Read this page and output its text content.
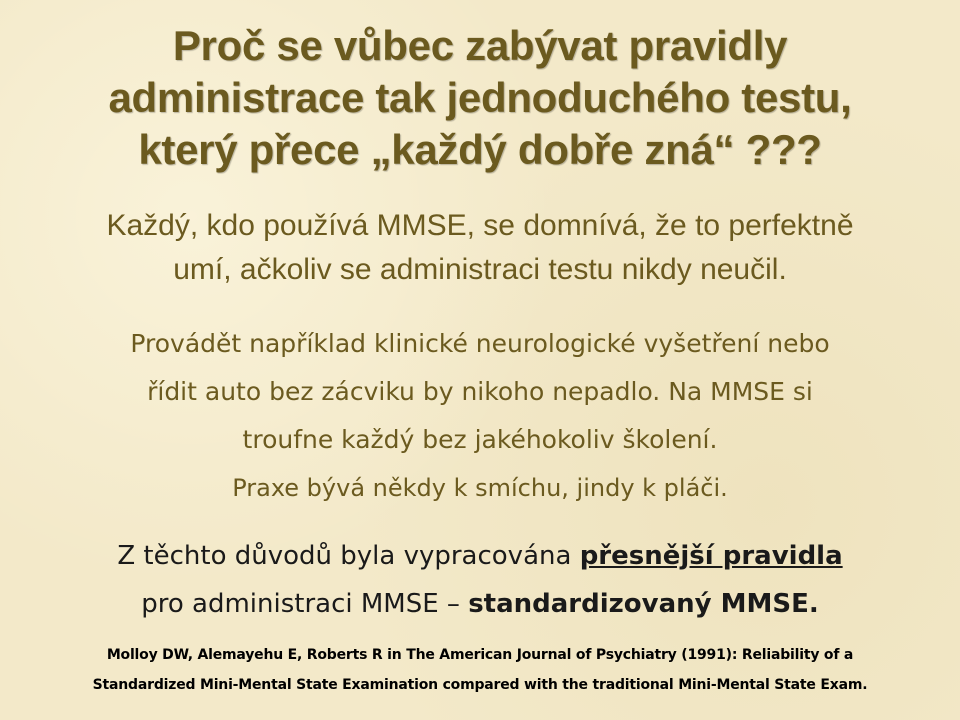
Proč se vůbec zabývat pravidly
administrace tak jednoduchého testu,
který přece „každý dobře zná“ ???
Každý, kdo používá MMSE, se domnívá, že to perfektně
umí, ačkoliv se administraci testu nikdy neučil.
Provádět například klinické neurologické vyšetření nebo
řídit auto bez zácviku by nikoho nepadlo. Na MMSE si
troufne každý bez jakéhokoliv školení.
Praxe bývá někdy k smíchu, jindy k pláči.
Z těchto důvodů byla vypracována přesnější pravidla
pro administraci MMSE – standardizovaný MMSE.
Molloy DW, Alemayehu E, Roberts R in The American Journal of Psychiatry (1991): Reliability of a
Standardized Mini-Mental State Examination compared with the traditional Mini-Mental State Exam.
